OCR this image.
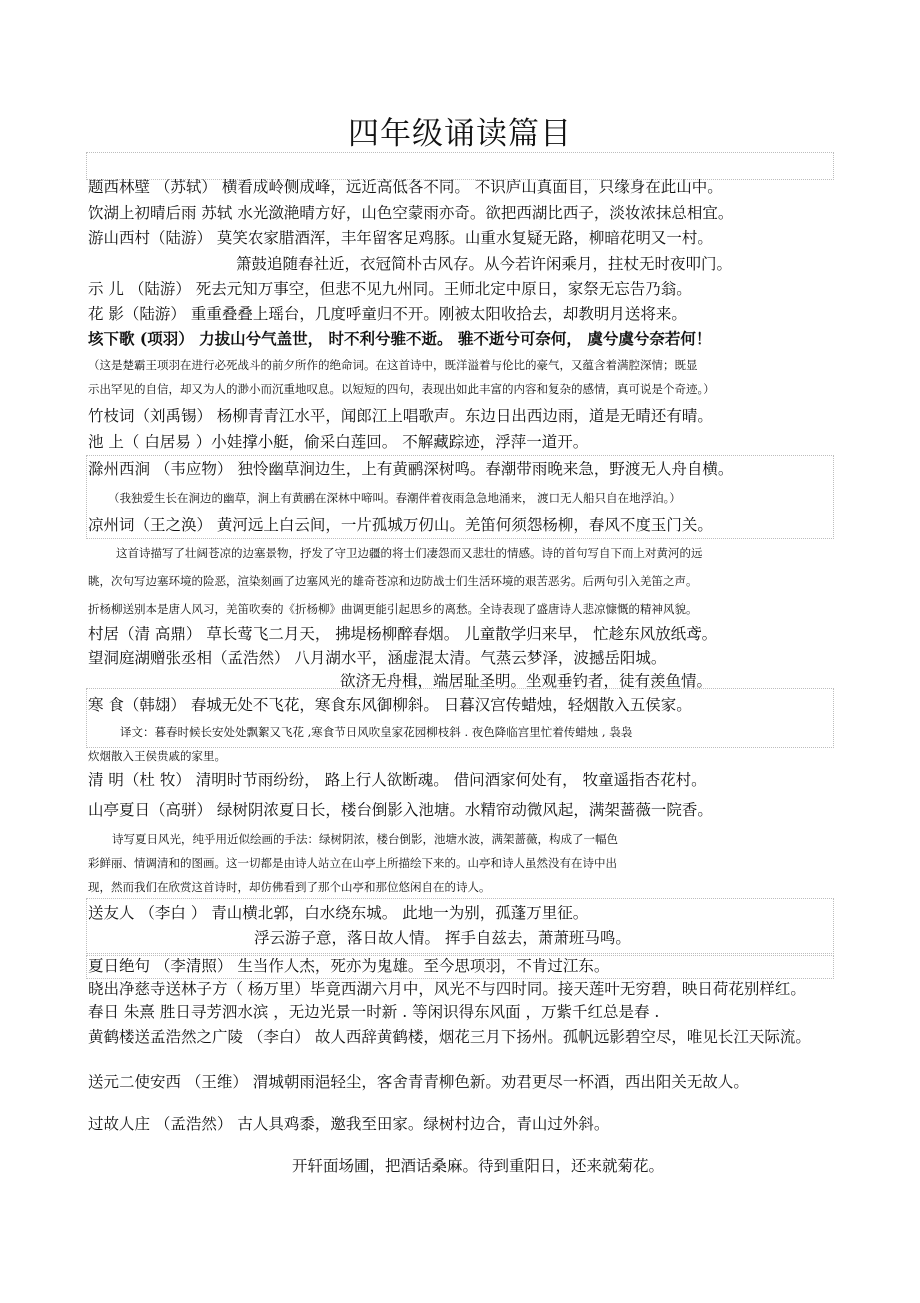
四年级诵读篇目
题西林壁 （苏轼） 横看成岭侧成峰，远近高低各不同。 不识庐山真面目，只缘身在此山中。
饮湖上初晴后雨 苏轼 水光潋滟晴方好，山色空蒙雨亦奇。欲把西湖比西子，淡妆浓抹总相宜。
游山西村（陆游） 莫笑农家腊酒浑，丰年留客足鸡豚。山重水复疑无路，柳暗花明又一村。
箫鼓追随春社近，衣冠简朴古风存。从今若许闲乘月，拄杖无时夜叩门。
示 儿 （陆游） 死去元知万事空，但悲不见九州同。王师北定中原日，家祭无忘告乃翁。
花 影（陆游） 重重叠叠上瑶台，几度呼童归不开。刚被太阳收拾去，却教明月送将来。
垓下歌 (项羽） 力拔山兮气盖世， 时不利兮骓不逝。 骓不逝兮可奈何， 虞兮虞兮奈若何！
（这是楚霸王项羽在进行必死战斗的前夕所作的绝命词。在这首诗中，既洋溢着与伦比的豪气，又蕴含着满腔深情；既显
示出罕见的自信，却又为人的渺小而沉重地叹息。以短短的四句，表现出如此丰富的内容和复杂的感情，真可说是个奇迹。）
竹枝词（刘禹锡） 杨柳青青江水平，闻郎江上唱歌声。东边日出西边雨，道是无晴还有晴。
池 上（ 白居易 ）小娃撑小艇，偷采白莲回。 不解藏踪迹，浮萍一道开。
滁州西涧 （韦应物） 独怜幽草涧边生，上有黄鹂深树鸣。春潮带雨晚来急，野渡无人舟自横。
（我独爱生长在涧边的幽草，涧上有黄鹂在深林中啼叫。春潮伴着夜雨急急地涌来， 渡口无人船只自在地浮泊。）
凉州词（王之涣） 黄河远上白云间，一片孤城万仞山。羌笛何须怨杨柳，春风不度玉门关。
这首诗描写了壮阔苍凉的边塞景物，抒发了守卫边疆的将士们凄怨而又悲壮的情感。诗的首句写自下而上对黄河的远
眺，次句写边塞环境的险恶，渲染刻画了边塞风光的雄奇苍凉和边防战士们生活环境的艰苦恶劣。后两句引入羌笛之声。
折杨柳送别本是唐人风习，羌笛吹奏的《折杨柳》曲调更能引起思乡的离愁。全诗表现了盛唐诗人悲凉慷慨的精神风貌。
村居（清 高鼎） 草长莺飞二月天， 拂堤杨柳醉春烟。 儿童散学归来早， 忙趁东风放纸鸢。
望洞庭湖赠张丞相（孟浩然） 八月湖水平，涵虚混太清。气蒸云梦泽，波撼岳阳城。
欲济无舟楫，端居耻圣明。坐观垂钓者，徒有羡鱼情。
寒 食（韩翃） 春城无处不飞花，寒食东风御柳斜。 日暮汉宫传蜡烛，轻烟散入五侯家。
译文：暮春时候长安处处飘絮又飞花 ,寒食节日风吹皇家花园柳枝斜 . 夜色降临宫里忙着传蜡烛 , 袅袅
炊烟散入王侯贵戚的家里。
清 明（杜 牧） 清明时节雨纷纷， 路上行人欲断魂。 借问酒家何处有， 牧童遥指杏花村。
山亭夏日（高骈） 绿树阴浓夏日长，楼台倒影入池塘。水精帘动微风起，满架蔷薇一院香。
诗写夏日风光，纯乎用近似绘画的手法：绿树阴浓，楼台倒影，池塘水波，满架蔷薇，构成了一幅色
彩鲜丽、情调清和的图画。这一切都是由诗人站立在山亭上所描绘下来的。山亭和诗人虽然没有在诗中出
现，然而我们在欣赏这首诗时，却仿佛看到了那个山亭和那位悠闲自在的诗人。
送友人 （李白 ） 青山横北郭，白水绕东城。 此地一为别，孤蓬万里征。
浮云游子意，落日故人情。 挥手自兹去，萧萧班马鸣。
夏日绝句 （李清照） 生当作人杰，死亦为鬼雄。至今思项羽，不肯过江东。
晓出净慈寺送林子方（ 杨万里）毕竟西湖六月中，风光不与四时同。接天莲叶无穷碧，映日荷花别样红。
春日 朱熹 胜日寻芳泗水滨 ，无边光景一时新 . 等闲识得东风面 ，万紫千红总是春 .
黄鹤楼送孟浩然之广陵 （李白） 故人西辞黄鹤楼，烟花三月下扬州。孤帆远影碧空尽，唯见长江天际流。
送元二使安西 （王维） 渭城朝雨浥轻尘，客舍青青柳色新。劝君更尽一杯酒，西出阳关无故人。
过故人庄 （孟浩然） 古人具鸡黍，邀我至田家。绿树村边合，青山过外斜。
开轩面场圃，把酒话桑麻。待到重阳日，还来就菊花。
